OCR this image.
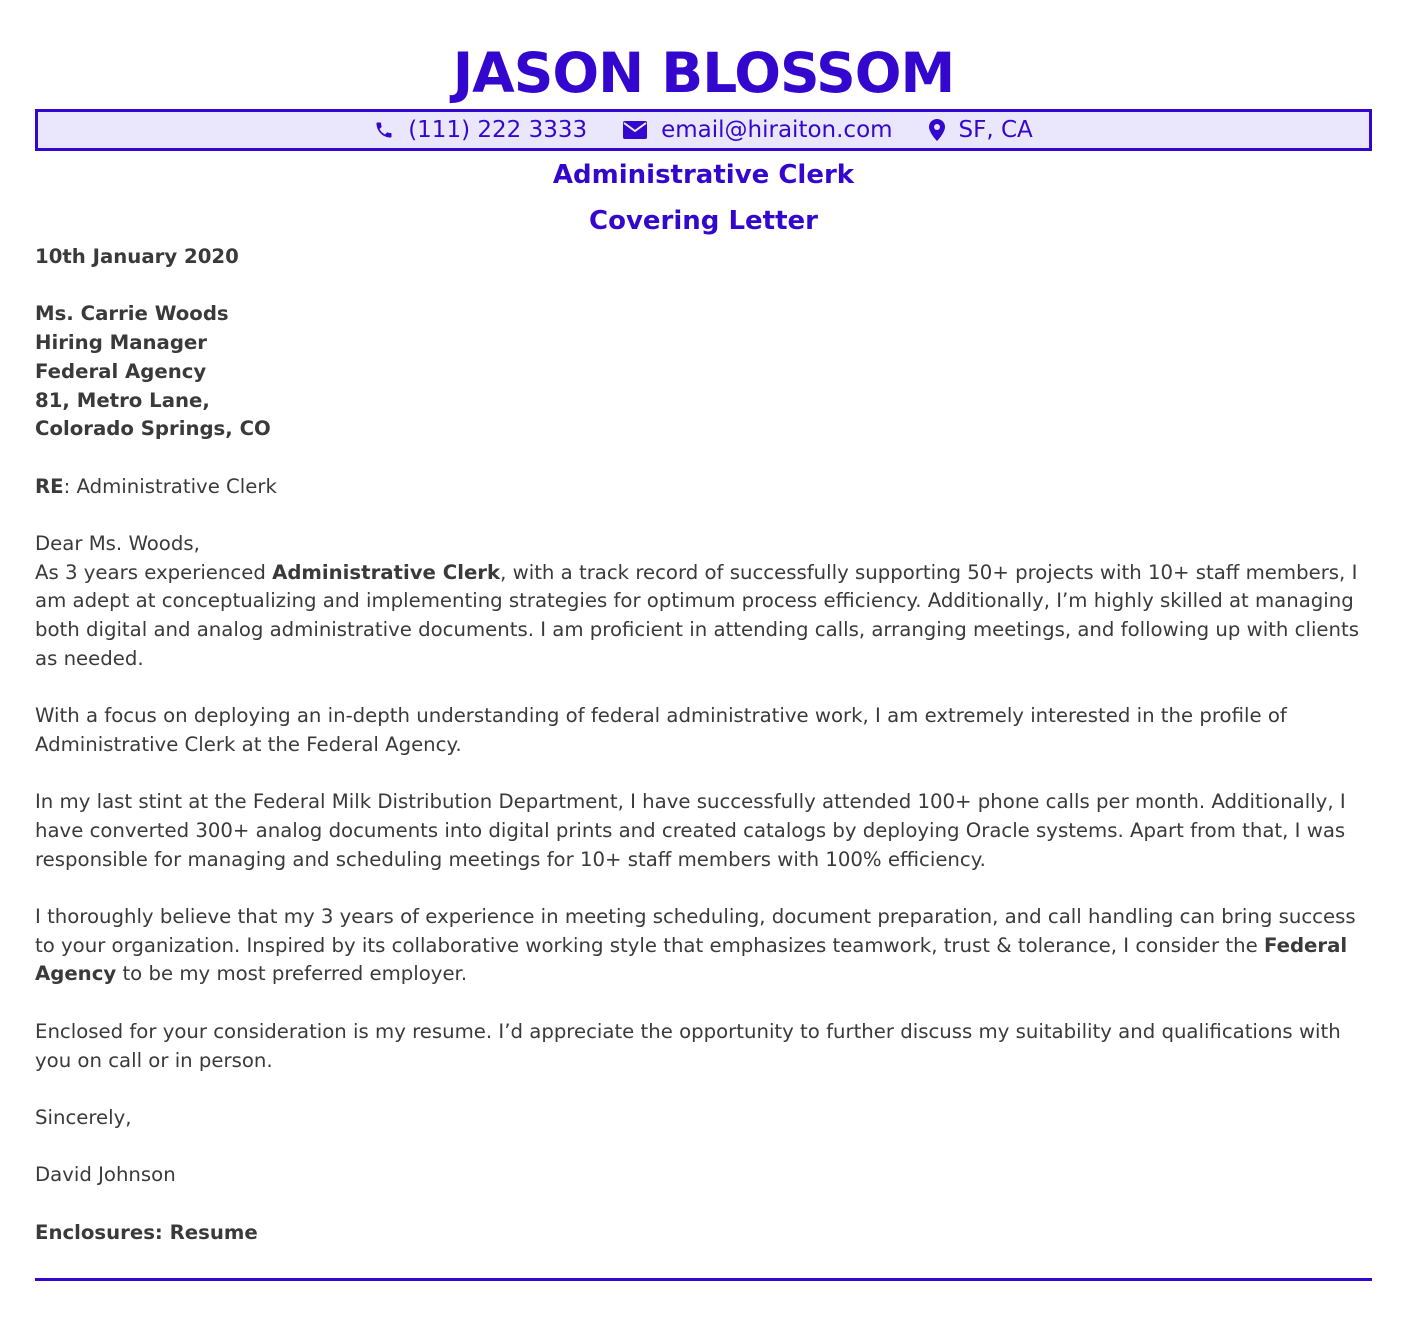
JASON BLOSSOM
(111) 222 3333	email@hiraiton.com	SF, CA
Administrative Clerk
Covering Letter

10th January 2020

Ms. Carrie Woods

Hiring Manager

Federal Agency

81, Metro Lane,

Colorado Springs, CO

RE: Administrative Clerk

Dear Ms. Woods,

As 3 years experienced Administrative Clerk, with a track record of successfully supporting 50+ projects with 10+ staff members, I am adept at conceptualizing and implementing strategies for optimum process efficiency. Additionally, I’m highly skilled at managing both digital and analog administrative documents. I am proficient in attending calls, arranging meetings, and following up with clients as needed.

With a focus on deploying an in-depth understanding of federal administrative work, I am extremely interested in the profile of Administrative Clerk at the Federal Agency.

In my last stint at the Federal Milk Distribution Department, I have successfully attended 100+ phone calls per month. Additionally, I have converted 300+ analog documents into digital prints and created catalogs by deploying Oracle systems. Apart from that, I was responsible for managing and scheduling meetings for 10+ staff members with 100% efficiency.

I thoroughly believe that my 3 years of experience in meeting scheduling, document preparation, and call handling can bring success to your organization. Inspired by its collaborative working style that emphasizes teamwork, trust & tolerance, I consider the Federal Agency to be my most preferred employer.

Enclosed for your consideration is my resume. I’d appreciate the opportunity to further discuss my suitability and qualifications with you on call or in person.

Sincerely,

David Johnson

Enclosures: Resume
